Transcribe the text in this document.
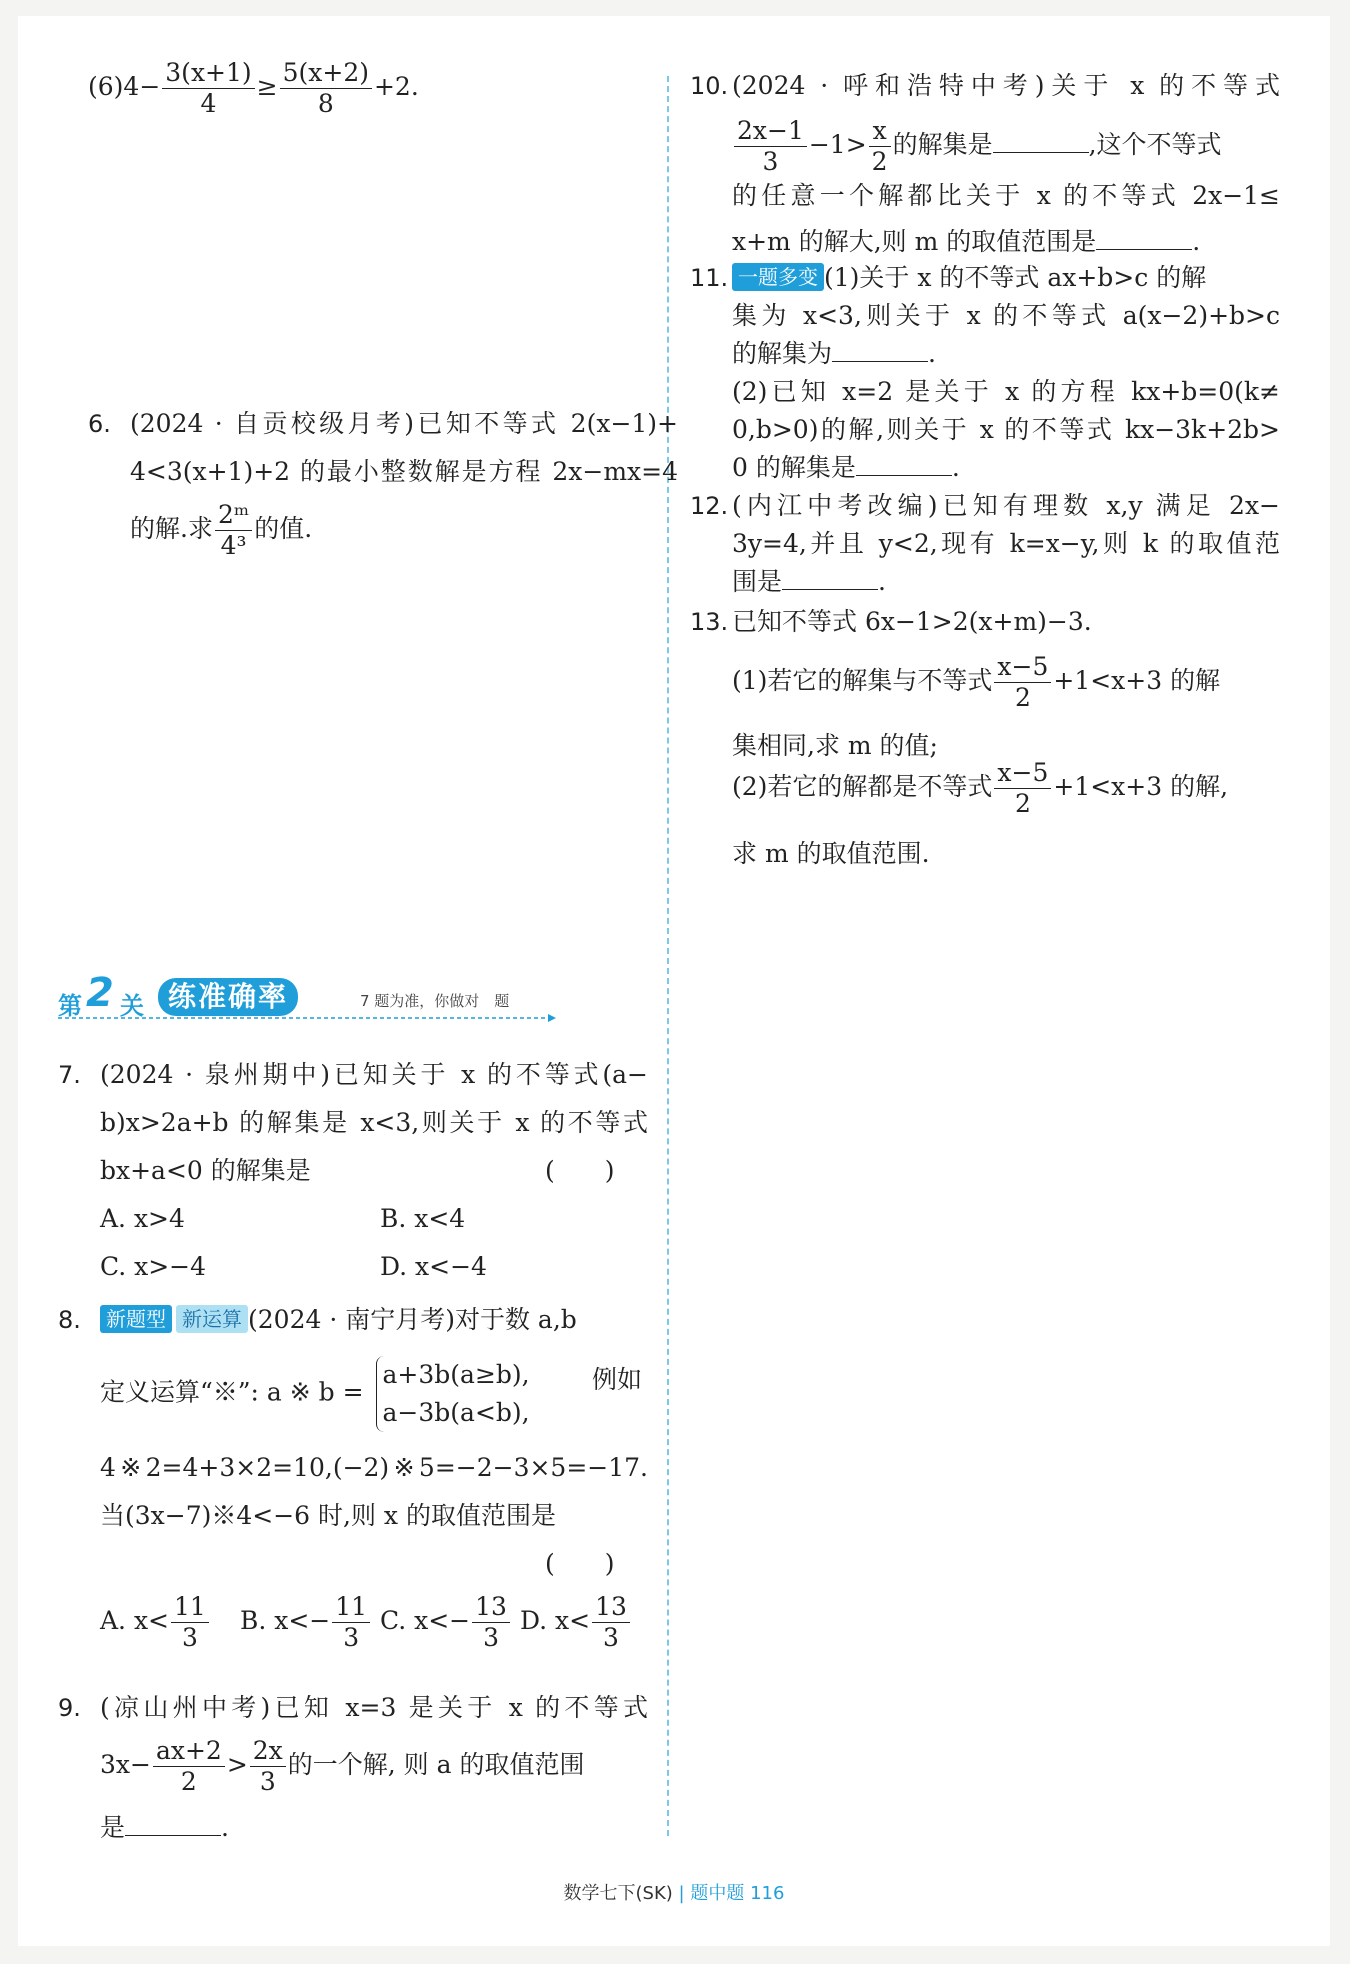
$(6)4- \frac{3(x+1)}{4} \ge \frac{5(x+2)}{8} +2$.
6. (2024 · 自贡校级月考)已知不等式 2(x−1)+
4<3(x+1)+2 的最小整数解是方程 2x−mx=4
的解.求 $\frac{\text{2ᵐ}}{\text{4³}}$ 的值.
第 2 关 练准确率	7 题为准，你做对　题
7. (2024 · 泉州期中)已知关于 x 的不等式(a−
b)x>2a+b 的解集是 x<3,则关于 x 的不等式
bx+a<0 的解集是	(　　)
A. x>4	B. x<4
C. x>−4	D. x<−4
8.	新题型 新运算 (2024 · 南宁月考)对于数 a,b
定义运算“※”: a ※ b =
a+3b(a≥b),
a−3b(a<b),
例如
4※2=4+3×2=10,(−2)※5=−2−3×5=−17.
当(3x−7)※4<−6 时,则 x 的取值范围是
(　　)
A. $x< \frac{11}{3} B$. $x<- \frac{11}{3} C$. $x<- \frac{13}{3} D$. $x< \frac{13}{3}$
9. (凉山州中考)已知 x=3 是关于 x 的不等式
$3x- \frac{ax+2}{2} > \frac{2x}{3}$ 的一个解, 则 a 的取值范围
是	.
10. (2024 · 呼和浩特中考)关于 x 的不等式
$\frac{2x-1}{3} -1> \frac{x}{2}$ 的解集是	,这个不等式
的任意一个解都比关于 x 的不等式 2x−1≤
x+m 的解大,则 m 的取值范围是	.
11. 一题多变 (1)关于 x 的不等式 ax+b>c 的解
集为 x<3,则关于 x 的不等式 a(x−2)+b>c
的解集为	.
(2)已知 x=2 是关于 x 的方程 kx+b=0(k≠
0,b>0)的解,则关于 x 的不等式 kx−3k+2b>
0 的解集是	.
12. (内江中考改编)已知有理数 x,y 满足 2x−
3y=4,并且 y<2,现有 k=x−y,则 k 的取值范
围是	.
13. 已知不等式 6x−1>2(x+m)−3.
(1)若它的解集与不等式 $\frac{x-5}{2} +1<x+3$ 的解
集相同,求 m 的值;
(2)若它的解都是不等式 $\frac{x-5}{2} +1<x+3$ 的解,
求 m 的取值范围.
数学七下(SK) | 题中题 116
